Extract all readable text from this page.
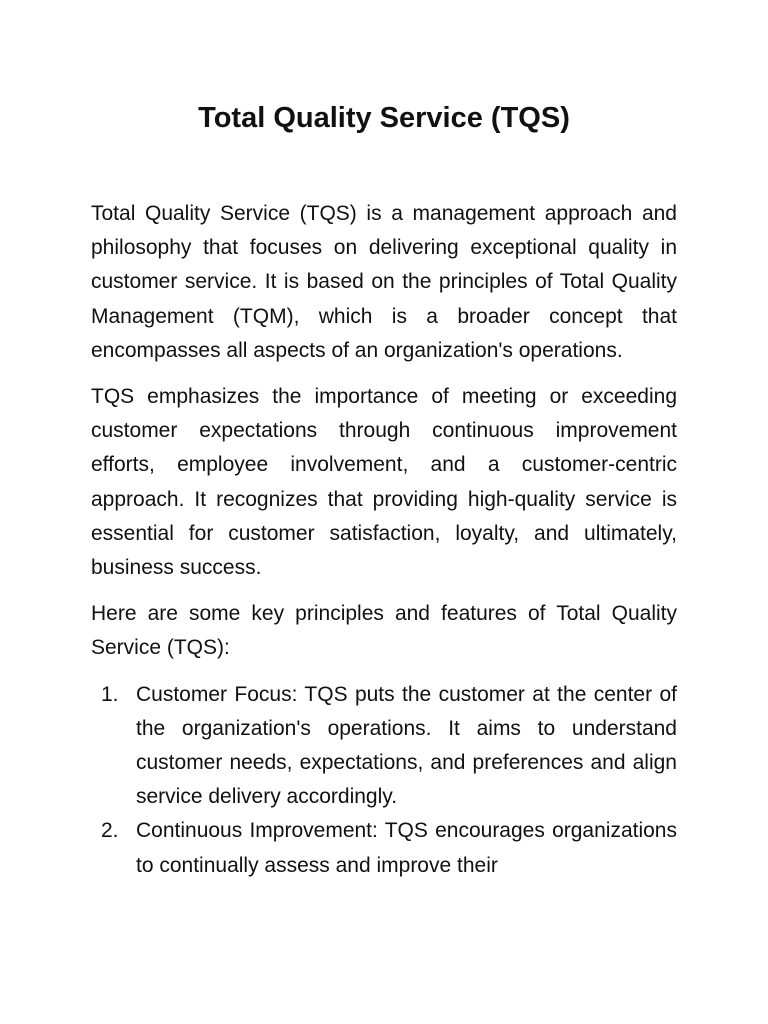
Total Quality Service (TQS)

Total Quality Service (TQS) is a management approach and philosophy that focuses on delivering exceptional quality in customer service. It is based on the principles of Total Quality Management (TQM), which is a broader concept that encompasses all aspects of an organization's operations.

TQS emphasizes the importance of meeting or exceeding customer expectations through continuous improvement efforts, employee involvement, and a customer-centric approach. It recognizes that providing high-quality service is essential for customer satisfaction, loyalty, and ultimately, business success.

Here are some key principles and features of Total Quality Service (TQS):

1. Customer Focus: TQS puts the customer at the center of the organization's operations. It aims to understand customer needs, expectations, and preferences and align service delivery accordingly.
2. Continuous Improvement: TQS encourages organizations to continually assess and improve their
